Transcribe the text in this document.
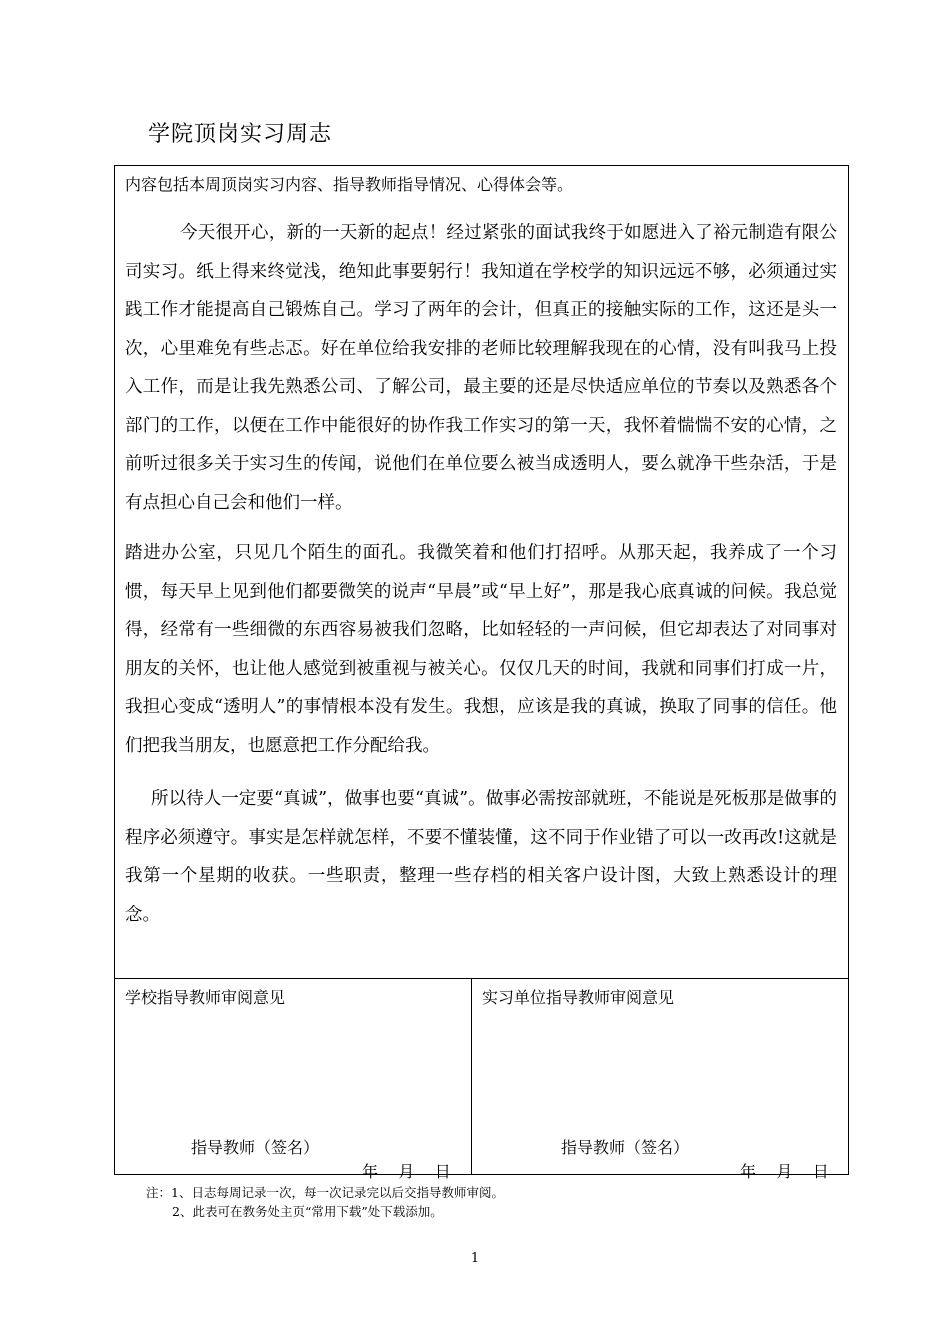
学院顶岗实习周志
内容包括本周顶岗实习内容、指导教师指导情况、心得体会等。

今天很开心，新的一天新的起点！经过紧张的面试我终于如愿进入了裕元制造有限公司实习。纸上得来终觉浅，绝知此事要躬行！我知道在学校学的知识远远不够，必须通过实践工作才能提高自己锻炼自己。学习了两年的会计，但真正的接触实际的工作，这还是头一次，心里难免有些忐忑。好在单位给我安排的老师比较理解我现在的心情，没有叫我马上投入工作，而是让我先熟悉公司、了解公司，最主要的还是尽快适应单位的节奏以及熟悉各个部门的工作，以便在工作中能很好的协作我工作实习的第一天，我怀着惴惴不安的心情，之前听过很多关于实习生的传闻，说他们在单位要么被当成透明人，要么就净干些杂活，于是有点担心自己会和他们一样。

踏进办公室，只见几个陌生的面孔。我微笑着和他们打招呼。从那天起，我养成了一个习惯，每天早上见到他们都要微笑的说声“早晨”或“早上好”，那是我心底真诚的问候。我总觉得，经常有一些细微的东西容易被我们忽略，比如轻轻的一声问候，但它却表达了对同事对朋友的关怀，也让他人感觉到被重视与被关心。仅仅几天的时间，我就和同事们打成一片，我担心变成“透明人”的事情根本没有发生。我想，应该是我的真诚，换取了同事的信任。他们把我当朋友，也愿意把工作分配给我。

所以待人一定要“真诚”，做事也要“真诚”。做事必需按部就班，不能说是死板那是做事的程序必须遵守。事实是怎样就怎样，不要不懂装懂，这不同于作业错了可以一改再改!这就是我第一个星期的收获。一些职责，整理一些存档的相关客户设计图，大致上熟悉设计的理念。

学校指导教师审阅意见
指导教师（签名）
年    月    日
实习单位指导教师审阅意见
指导教师（签名）
年    月    日
注：1、日志每周记录一次，每一次记录完以后交指导教师审阅。
2、此表可在教务处主页“常用下载”处下载添加。
1
